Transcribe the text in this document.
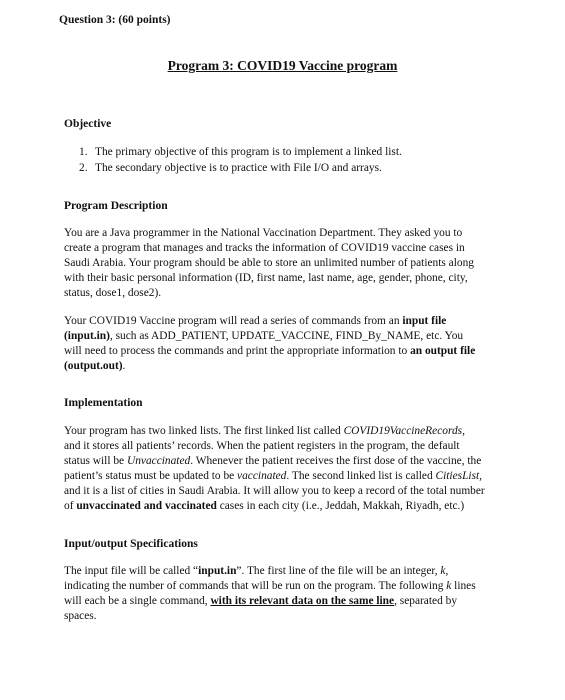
Question 3: (60 points)
Program 3: COVID19 Vaccine program
Objective
1. The primary objective of this program is to implement a linked list.
2. The secondary objective is to practice with File I/O and arrays.
Program Description

You are a Java programmer in the National Vaccination Department. They asked you to

create a program that manages and tracks the information of COVID19 vaccine cases in

Saudi Arabia. Your program should be able to store an unlimited number of patients along

with their basic personal information (ID, first name, last name, age, gender, phone, city,

status, dose1, dose2).

Your COVID19 Vaccine program will read a series of commands from an input file

(input.in), such as ADD_PATIENT, UPDATE_VACCINE, FIND_By_NAME, etc. You

will need to process the commands and print the appropriate information to an output file

(output.out).

Implementation

Your program has two linked lists. The first linked list called COVID19VaccineRecords,

and it stores all patients’ records. When the patient registers in the program, the default

status will be Unvaccinated. Whenever the patient receives the first dose of the vaccine, the

patient’s status must be updated to be vaccinated. The second linked list is called CitiesList,

and it is a list of cities in Saudi Arabia. It will allow you to keep a record of the total number

of unvaccinated and vaccinated cases in each city (i.e., Jeddah, Makkah, Riyadh, etc.)

Input/output Specifications

The input file will be called “input.in”. The first line of the file will be an integer, k,

indicating the number of commands that will be run on the program. The following k lines

will each be a single command, with its relevant data on the same line, separated by

spaces.
